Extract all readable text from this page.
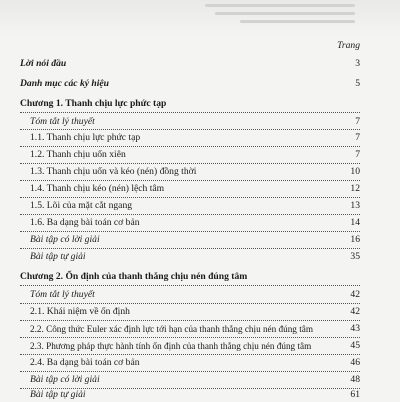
Trang
Lời nói đầu	3
Danh mục các ký hiệu	5
Chương 1. Thanh chịu lực phức tạp
Tóm tắt lý thuyết	7
1.1. Thanh chịu lực phức tạp	7
1.2. Thanh chịu uốn xiên	7
1.3. Thanh chịu uốn và kéo (nén) đồng thời	10
1.4. Thanh chịu kéo (nén) lệch tâm	12
1.5. Lõi của mặt cắt ngang	13
1.6. Ba dạng bài toán cơ bản	14
Bài tập có lời giải	16
Bài tập tự giải	35
Chương 2. Ổn định của thanh thẳng chịu nén đúng tâm
Tóm tắt lý thuyết	42
2.1. Khái niệm về ổn định	42
2.2. Công thức Euler xác định lực tới hạn của thanh thẳng chịu nén đúng tâm	43
2.3. Phương pháp thực hành tính ổn định của thanh thẳng chịu nén đúng tâm	45
2.4. Ba dạng bài toán cơ bản	46
Bài tập có lời giải	48
Bài tập tự giải	61
